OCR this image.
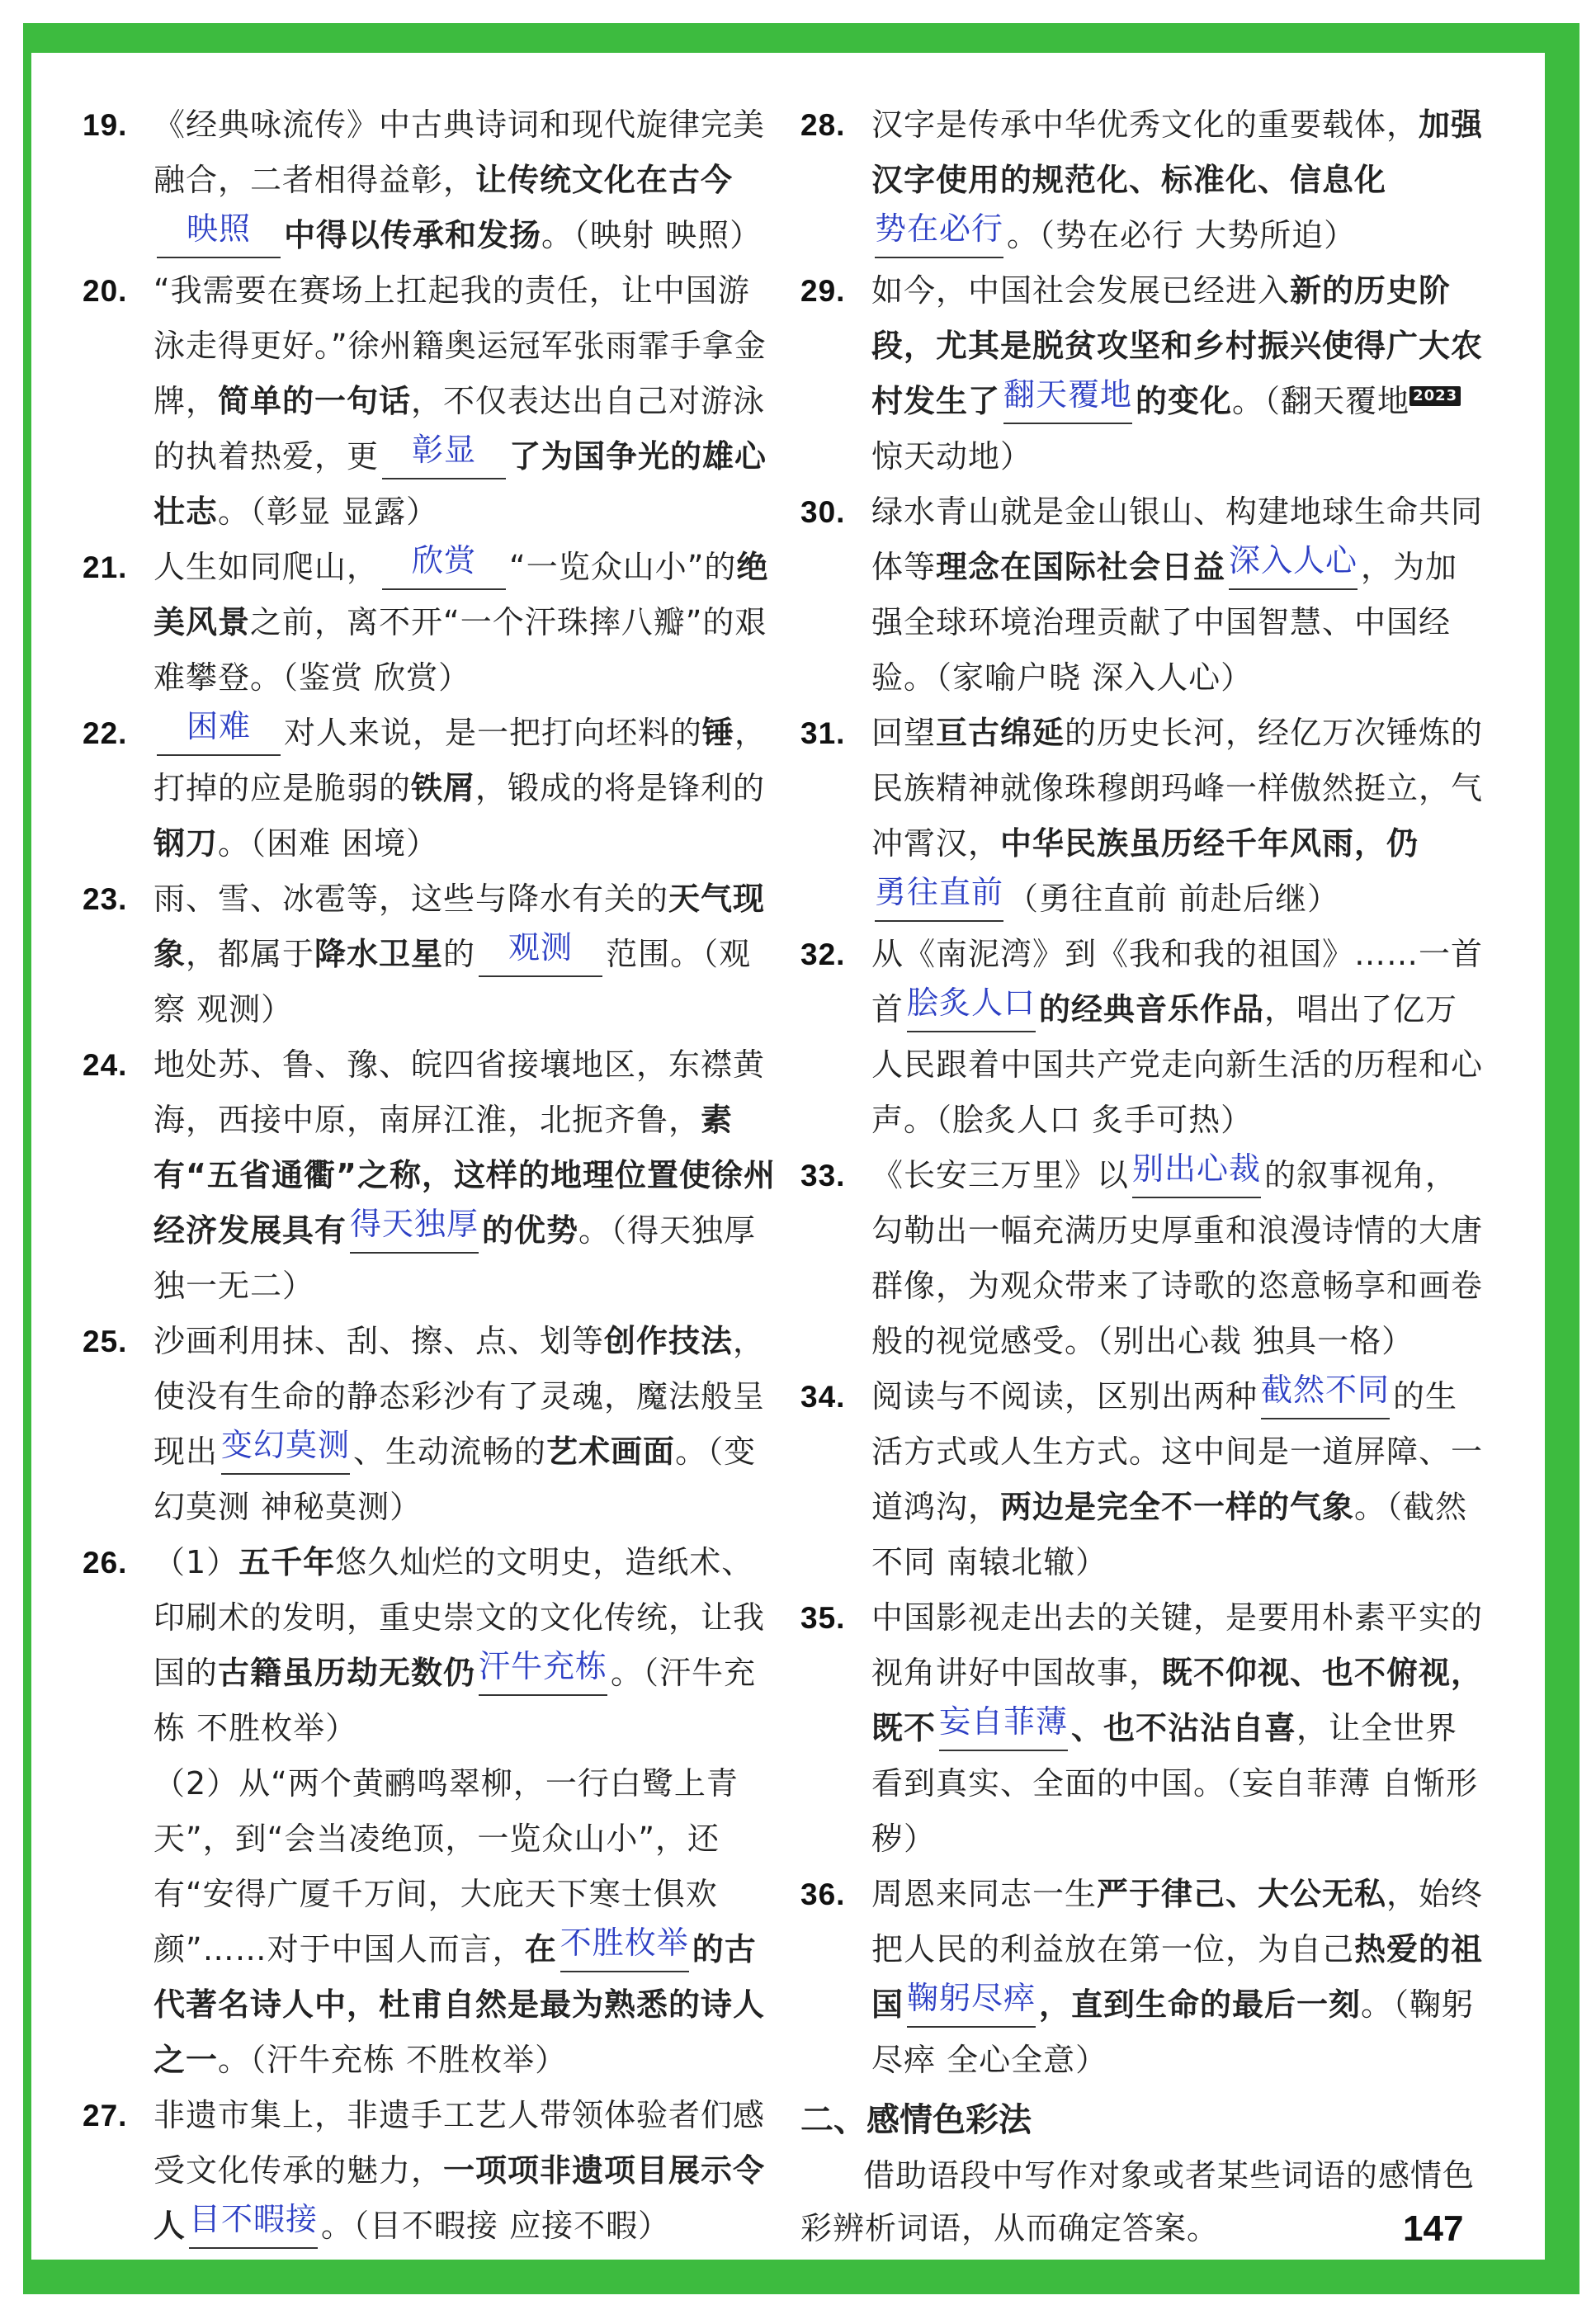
19. 《经典咏流传》中古典诗词和现代旋律完美融合，二者相得益彰，让传统文化在古今映照 中得以传承和发扬。（映射 映照）
20. “我需要在赛场上扛起我的责任，让中国游泳走得更好。”徐州籍奥运冠军张雨霏手拿金牌，简单的一句话，不仅表达出自己对游泳的执着热爱，更 彰显 了为国争光的雄心壮志。（彰显 显露）
21. 人生如同爬山， 欣赏 “一览众山小”的绝美风景之前，离不开“一个汗珠摔八瓣”的艰难攀登。（鉴赏 欣赏）
22.	困难 对人来说，是一把打向坯料的锤，打掉的应是脆弱的铁屑，锻成的将是锋利的钢刀。（困难 困境）
23. 雨、雪、冰雹等，这些与降水有关的天气现象，都属于降水卫星的 观测 范围。（观察 观测）
24. 地处苏、鲁、豫、皖四省接壤地区，东襟黄海，西接中原，南屏江淮，北扼齐鲁，素有“五省通衢”之称，这样的地理位置使徐州经济发展具有 得天独厚 的优势。（得天独厚 独一无二）
25. 沙画利用抹、刮、擦、点、划等创作技法，使没有生命的静态彩沙有了灵魂，魔法般呈现出 变幻莫测 、生动流畅的艺术画面。（变幻莫测 神秘莫测）
26. （1）五千年悠久灿烂的文明史，造纸术、印刷术的发明，重史崇文的文化传统，让我国的古籍虽历劫无数仍 汗牛充栋 。（汗牛充栋 不胜枚举）
（2）从“两个黄鹂鸣翠柳，一行白鹭上青天”，到“会当凌绝顶，一览众山小”，还有“安得广厦千万间，大庇天下寒士俱欢颜”……对于中国人而言，在 不胜枚举 的古代著名诗人中，杜甫自然是最为熟悉的诗人之一。（汗牛充栋 不胜枚举）
27. 非遗市集上，非遗手工艺人带领体验者们感受文化传承的魅力，一项项非遗项目展示令人 目不暇接 。（目不暇接 应接不暇）
28. 汉字是传承中华优秀文化的重要载体，加强汉字使用的规范化、标准化、信息化势在必行 。（势在必行 大势所迫）
29. 如今，中国社会发展已经进入新的历史阶段，尤其是脱贫攻坚和乡村振兴使得广大农村发生了 翻天覆地 的变化。（翻天覆地 2023惊天动地）
30. 绿水青山就是金山银山、构建地球生命共同体等理念在国际社会日益 深入人心 ，为加强全球环境治理贡献了中国智慧、中国经验。（家喻户晓 深入人心）
31. 回望亘古绵延的历史长河，经亿万次锤炼的民族精神就像珠穆朗玛峰一样傲然挺立，气冲霄汉，中华民族虽历经千年风雨，仍勇往直前 （勇往直前 前赴后继）
32. 从《南泥湾》到《我和我的祖国》……一首首 脍炙人口 的经典音乐作品，唱出了亿万人民跟着中国共产党走向新生活的历程和心声。（脍炙人口 炙手可热）
33. 《长安三万里》以 别出心裁 的叙事视角，勾勒出一幅充满历史厚重和浪漫诗情的大唐群像，为观众带来了诗歌的恣意畅享和画卷般的视觉感受。（别出心裁 独具一格）
34. 阅读与不阅读，区别出两种 截然不同 的生活方式或人生方式。这中间是一道屏障、一道鸿沟，两边是完全不一样的气象。（截然不同 南辕北辙）
35. 中国影视走出去的关键，是要用朴素平实的视角讲好中国故事，既不仰视、也不俯视，既不 妄自菲薄 、也不沾沾自喜，让全世界看到真实、全面的中国。（妄自菲薄 自惭形秽）
36. 周恩来同志一生严于律己、大公无私，始终把人民的利益放在第一位，为自己热爱的祖国 鞠躬尽瘁 ，直到生命的最后一刻。（鞠躬尽瘁 全心全意）
二、感情色彩法
借助语段中写作对象或者某些词语的感情色彩辨析词语，从而确定答案。	147
